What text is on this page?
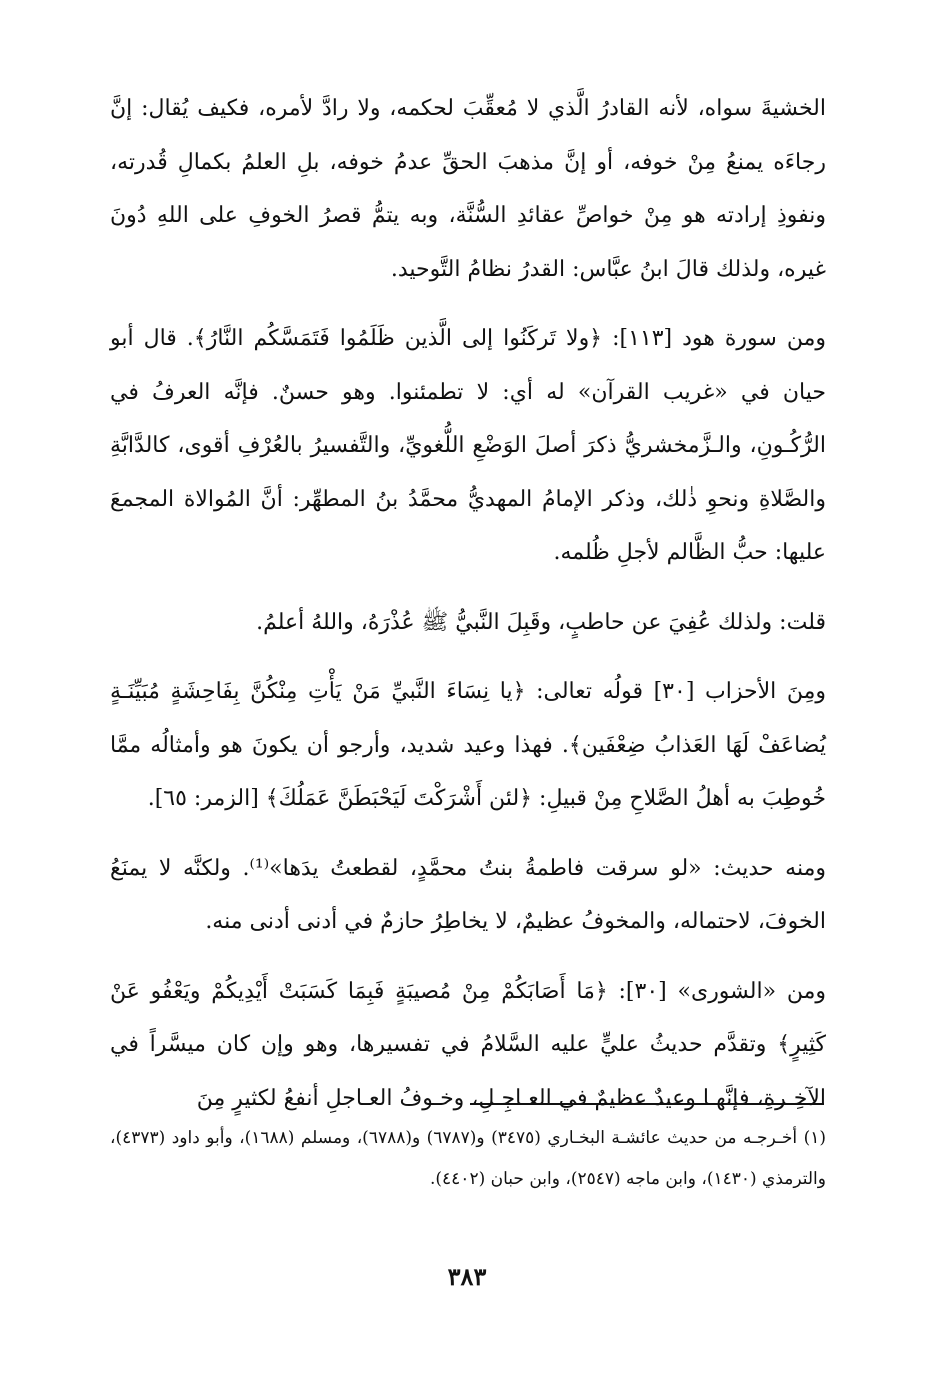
الخشيةَ سواه، لأنه القادرُ الَّذي لا مُعقِّبَ لحكمه، ولا رادَّ لأمره، فكيف يُقال: إنَّ رجاءَه يمنعُ مِنْ خوفه، أو إنَّ مذهبَ الحقِّ عدمُ خوفه، بلِ العلمُ بكمالِ قُدرته، ونفوذِ إرادته هو مِنْ خواصِّ عقائدِ السُّنَّة، وبه يتمُّ قصرُ الخوفِ على اللهِ دُونَ غيره، ولذلك قالَ ابنُ عبَّاس: القدرُ نظامُ التَّوحيد.

ومن سورة هود [١١٣]: ﴿ولا تَركَنُوا إلى الَّذين ظَلَمُوا فَتَمَسَّكُم النَّارُ﴾. قال أبو حيان في «غريب القرآن» له أي: لا تطمئنوا. وهو حسنٌ. فإنَّه العرفُ في الرُّكُـونِ، والـزَّمخشريُّ ذكرَ أصلَ الوَضْعِ اللُّغويِّ، والتَّفسيرُ بالعُرْفِ أقوى، كالدَّابَّةِ والصَّلاةِ ونحوِ ذٰلك، وذكر الإمامُ المهديُّ محمَّدُ بنُ المطهِّر: أنَّ المُوالاة المجمعَ عليها: حبُّ الظَّالم لأجلِ ظُلمه.

قلت: ولذلك عُفِيَ عن حاطبٍ، وقَبِلَ النَّبيُّ ﷺ عُذْرَهُ، واللهُ أعلمُ.

ومِنَ الأحزاب [٣٠] قولُه تعالى: ﴿يا نِسَاءَ النَّبيِّ مَنْ يَأْتِ مِنْكُنَّ بِفَاحِشَةٍ مُبَيِّنَـةٍ يُضاعَفْ لَهَا العَذابُ ضِعْفَين﴾. فهذا وعيد شديد، وأرجو أن يكونَ هو وأمثالُه ممَّا خُوطِبَ به أهلُ الصَّلاحِ مِنْ قبيلِ: ﴿لئن أَشْرَكْتَ لَيَحْبَطَنَّ عَمَلُكَ﴾ [الزمر: ٦٥].

ومنه حديث: «لو سرقت فاطمةُ بنتُ محمَّدٍ، لقطعتُ يدَها»⁽¹⁾. ولكنَّه لا يمنَعُ الخوفَ، لاحتماله، والمخوفُ عظيمٌ، لا يخاطِرُ حازمٌ في أدنى أدنى منه.

ومن «الشورى» [٣٠]: ﴿مَا أَصَابَكُمْ مِنْ مُصيبَةٍ فَبِمَا كَسَبَتْ أَيْدِيكُمْ ويَعْفُو عَنْ كَثِيرٍ﴾ وتقدَّم حديثُ عليٍّ عليه السَّلامُ في تفسيرها، وهو وإن كان ميسَّراً في الآخِـرةِ، فإنَّهـا وعيدٌ عظيمٌ في العـاجِـلِ، وخـوفُ العـاجلِ أنفعُ لكثيرٍ مِنَ

(١) أخـرجـه من حديث عائشـة البخـاري (٣٤٧٥) و(٦٧٨٧) و(٦٧٨٨)، ومسلم (١٦٨٨)، وأبو داود (٤٣٧٣)، والترمذي (١٤٣٠)، وابن ماجه (٢٥٤٧)، وابن حبان (٤٤٠٢).
٣٨٣
